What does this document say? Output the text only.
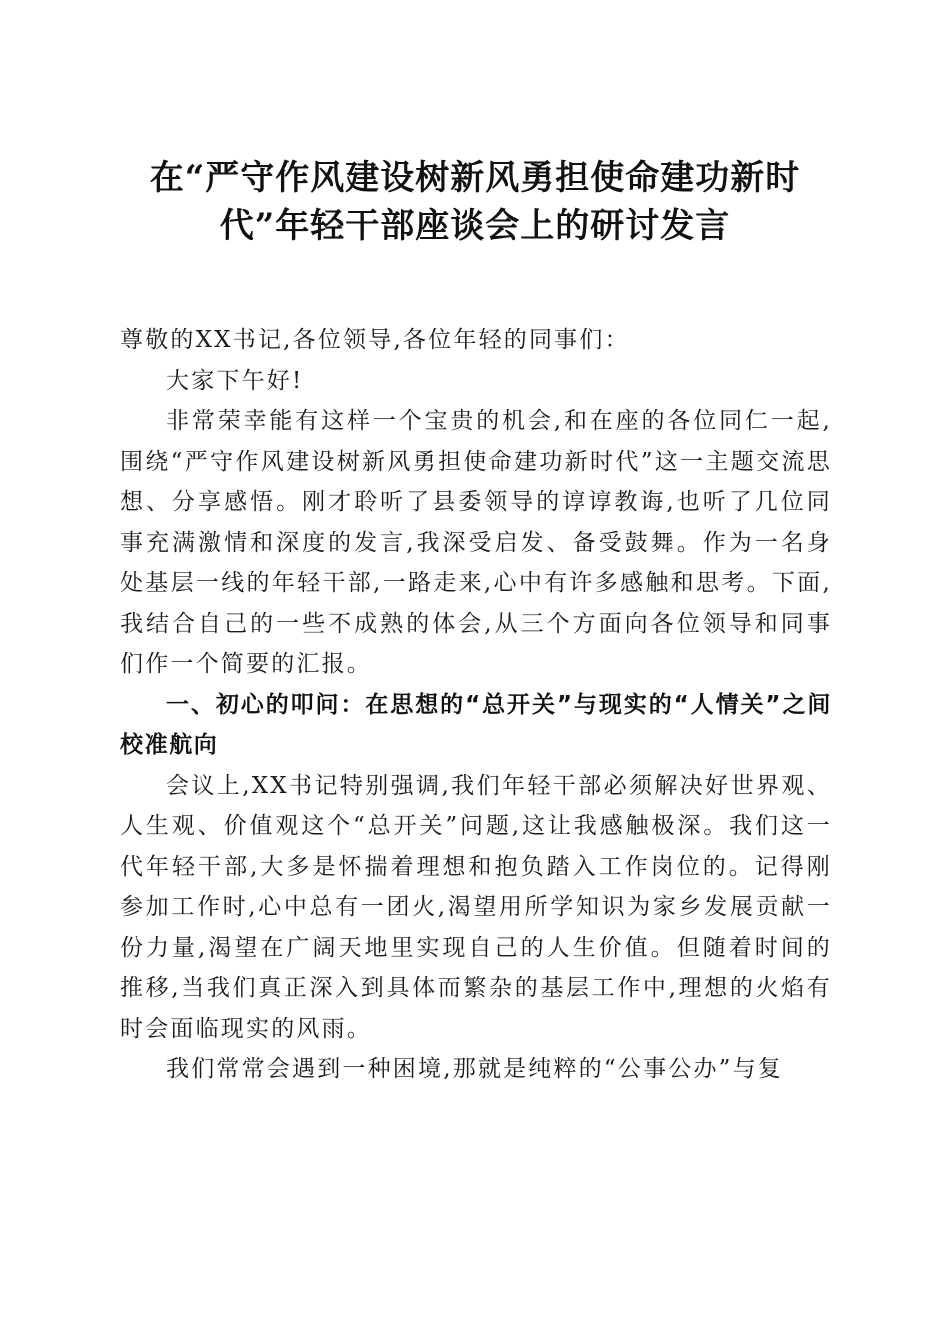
在“严守作风建设树新风勇担使命建功新时
代”年轻干部座谈会上的研讨发言

尊敬的XX书记,各位领导,各位年轻的同事们：

大家下午好!

非常荣幸能有这样一个宝贵的机会,和在座的各位同仁一起,围绕“严守作风建设树新风勇担使命建功新时代”这一主题交流思想、分享感悟。刚才聆听了县委领导的谆谆教诲,也听了几位同事充满激情和深度的发言,我深受启发、备受鼓舞。作为一名身处基层一线的年轻干部,一路走来,心中有许多感触和思考。下面,我结合自己的一些不成熟的体会,从三个方面向各位领导和同事们作一个简要的汇报。

一、初心的叩问：在思想的“总开关”与现实的“人情关”之间校准航向

会议上,XX书记特别强调,我们年轻干部必须解决好世界观、人生观、价值观这个“总开关”问题,这让我感触极深。我们这一代年轻干部,大多是怀揣着理想和抱负踏入工作岗位的。记得刚参加工作时,心中总有一团火,渴望用所学知识为家乡发展贡献一份力量,渴望在广阔天地里实现自己的人生价值。但随着时间的推移,当我们真正深入到具体而繁杂的基层工作中,理想的火焰有时会面临现实的风雨。

我们常常会遇到一种困境,那就是纯粹的“公事公办”与复
